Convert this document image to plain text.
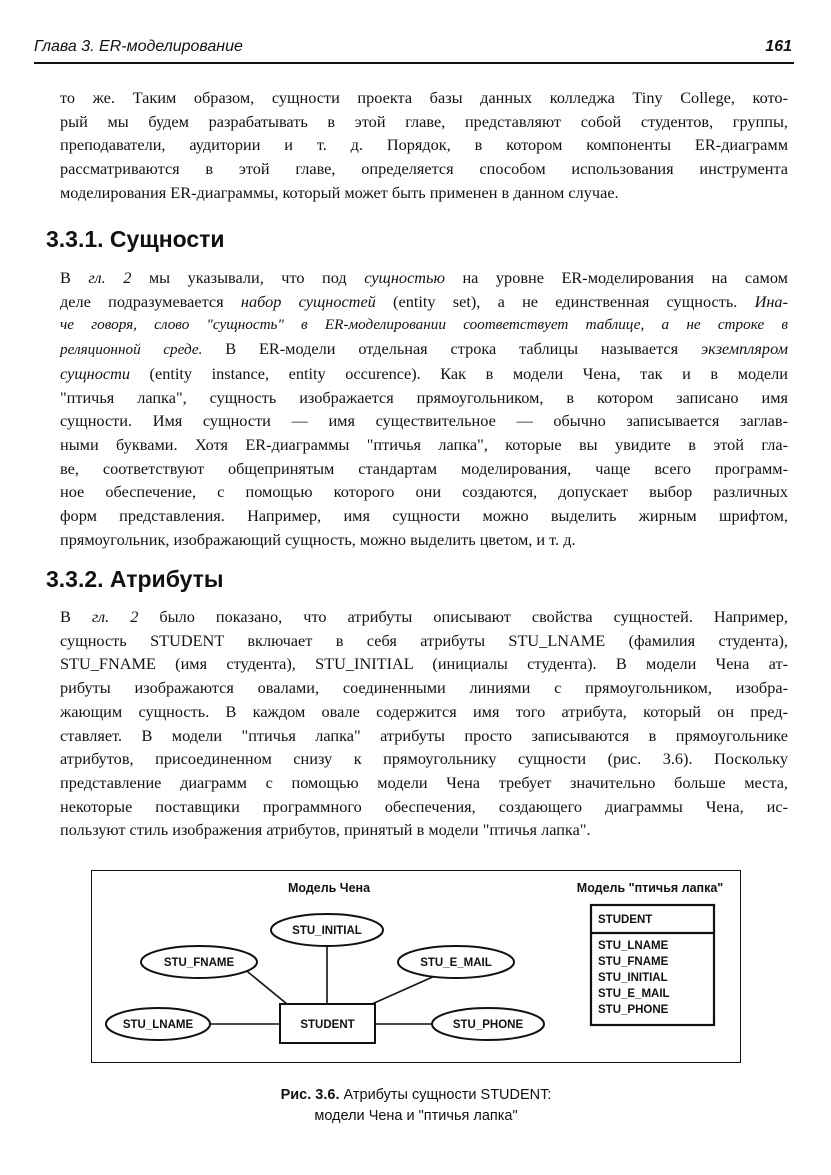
Глава 3. ER-моделирование	161
то же. Таким образом, сущности проекта базы данных колледжа Tiny College, кото-
рый мы будем разрабатывать в этой главе, представляют собой студентов, группы,
преподаватели, аудитории и т. д. Порядок, в котором компоненты ER-диаграмм
рассматриваются в этой главе, определяется способом использования инструмента
моделирования ER-диаграммы, который может быть применен в данном случае.
3.3.1. Сущности
В гл. 2 мы указывали, что под сущностью на уровне ER-моделирования на самом
деле подразумевается набор сущностей (entity set), а не единственная сущность. Ина-
че говоря, слово "сущность" в ER-моделировании соответствует таблице, а не строке в
реляционной среде. В ER-модели отдельная строка таблицы называется экземпляром
сущности (entity instance, entity occurence). Как в модели Чена, так и в модели
"птичья лапка", сущность изображается прямоугольником, в котором записано имя
сущности. Имя сущности — имя существительное — обычно записывается заглав-
ными буквами. Хотя ER-диаграммы "птичья лапка", которые вы увидите в этой гла-
ве, соответствуют общепринятым стандартам моделирования, чаще всего программ-
ное обеспечение, с помощью которого они создаются, допускает выбор различных
форм представления. Например, имя сущности можно выделить жирным шрифтом,
прямоугольник, изображающий сущность, можно выделить цветом, и т. д.
3.3.2. Атрибуты
В гл. 2 было показано, что атрибуты описывают свойства сущностей. Например,
сущность STUDENT включает в себя атрибуты STU_LNAME (фамилия студента),
STU_FNAME (имя студента), STU_INITIAL (инициалы студента). В модели Чена ат-
рибуты изображаются овалами, соединенными линиями с прямоугольником, изобра-
жающим сущность. В каждом овале содержится имя того атрибута, который он пред-
ставляет. В модели "птичья лапка" атрибуты просто записываются в прямоугольнике
атрибутов, присоединенном снизу к прямоугольнику сущности (рис. 3.6). Поскольку
представление диаграмм с помощью модели Чена требует значительно больше места,
некоторые поставщики программного обеспечения, создающего диаграммы Чена, ис-
пользуют стиль изображения атрибутов, принятый в модели "птичья лапка".
Модель Чена	Модель "птичья лапка"
STUDENT
STU_INITIAL
STU_FNAME	STU_E_MAIL
STU_LNAME	STU_PHONE
STUDENT
STU_LNAME
STU_FNAME
STU_INITIAL
STU_E_MAIL
STU_PHONE
Рис. 3.6. Атрибуты сущности STUDENT:
модели Чена и "птичья лапка"
